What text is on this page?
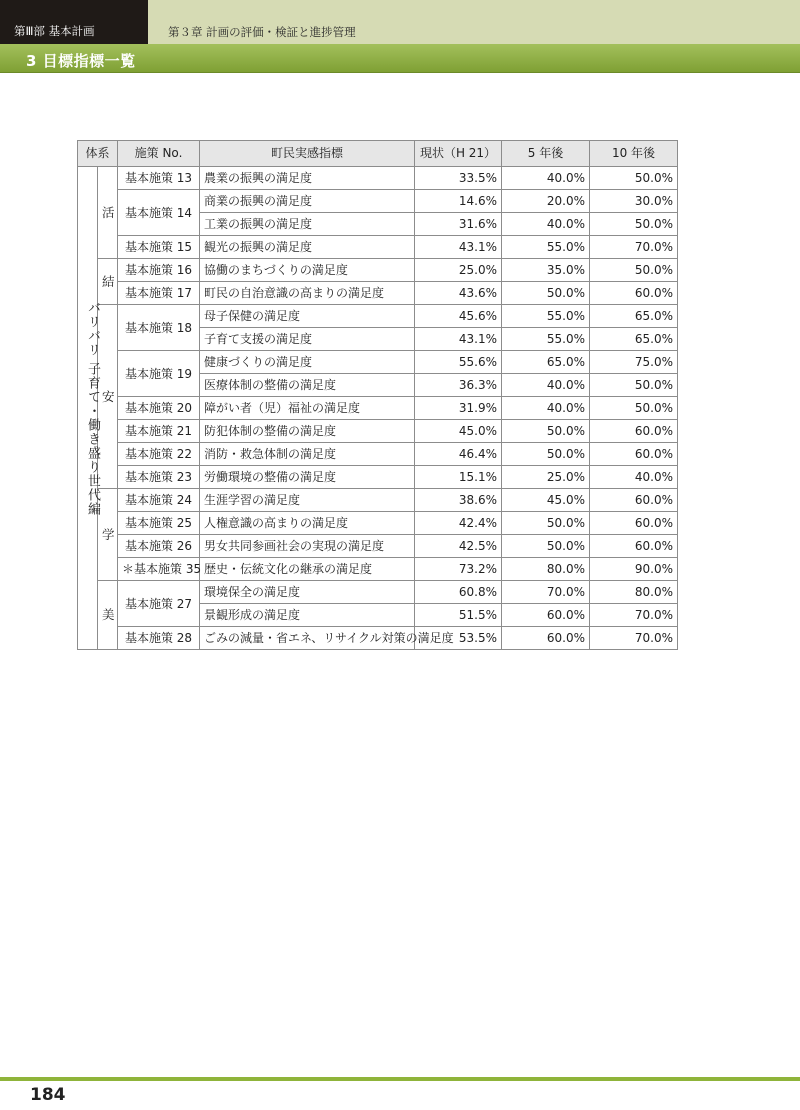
第Ⅲ部 基本計画	第３章 計画の評価・検証と進捗管理
3 目標指標一覧
体系		施策 No.	町民実感指標	現状（H 21）	5 年後	10 年後
バリバリ 子育て・働き盛り世代編	活	基本施策 13	農業の振興の満足度	33.5%	40.0%	50.0%
		基本施策 14	商業の振興の満足度	14.6%	20.0%	30.0%
			工業の振興の満足度	31.6%	40.0%	50.0%
		基本施策 15	観光の振興の満足度	43.1%	55.0%	70.0%
	結	基本施策 16	協働のまちづくりの満足度	25.0%	35.0%	50.0%
		基本施策 17	町民の自治意識の高まりの満足度	43.6%	50.0%	60.0%
	安	基本施策 18	母子保健の満足度	45.6%	55.0%	65.0%
			子育て支援の満足度	43.1%	55.0%	65.0%
		基本施策 19	健康づくりの満足度	55.6%	65.0%	75.0%
			医療体制の整備の満足度	36.3%	40.0%	50.0%
		基本施策 20	障がい者（児）福祉の満足度	31.9%	40.0%	50.0%
		基本施策 21	防犯体制の整備の満足度	45.0%	50.0%	60.0%
		基本施策 22	消防・救急体制の満足度	46.4%	50.0%	60.0%
		基本施策 23	労働環境の整備の満足度	15.1%	25.0%	40.0%
	学	基本施策 24	生涯学習の満足度	38.6%	45.0%	60.0%
		基本施策 25	人権意識の高まりの満足度	42.4%	50.0%	60.0%
		基本施策 26	男女共同参画社会の実現の満足度	42.5%	50.0%	60.0%
		＊基本施策 35	歴史・伝統文化の継承の満足度	73.2%	80.0%	90.0%
	美	基本施策 27	環境保全の満足度	60.8%	70.0%	80.0%
			景観形成の満足度	51.5%	60.0%	70.0%
		基本施策 28	ごみの減量・省エネ、リサイクル対策の満足度	53.5%	60.0%	70.0%
184
